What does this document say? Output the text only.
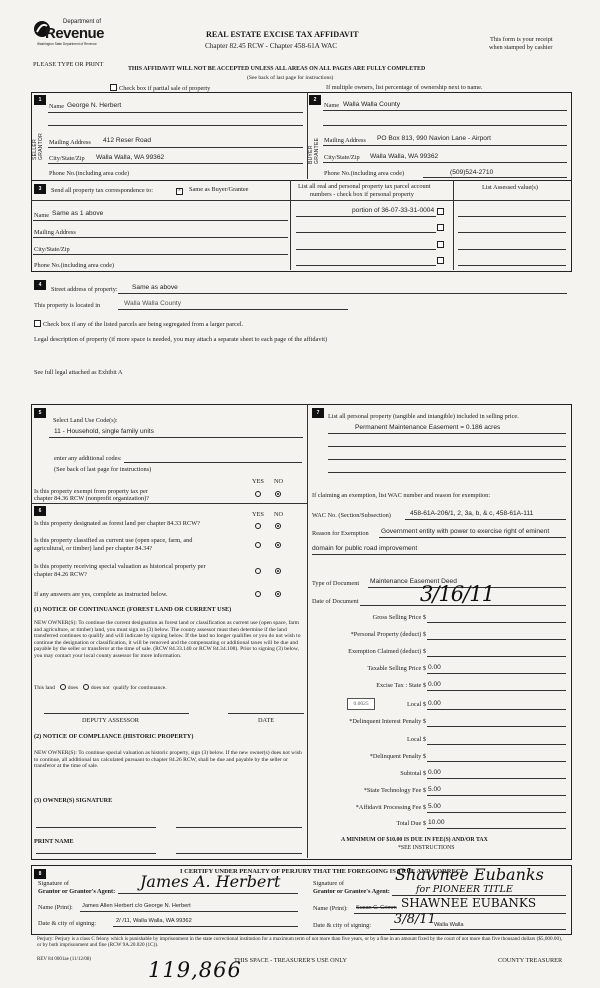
Department of
Revenue
Washington State Department of Revenue
REAL ESTATE EXCISE TAX AFFIDAVIT
Chapter 82.45 RCW - Chapter 458-61A WAC
This form is your receipt
when stamped by cashier
PLEASE TYPE OR PRINT
THIS AFFIDAVIT WILL NOT BE ACCEPTED UNLESS ALL AREAS ON ALL PAGES ARE FULLY COMPLETED
(See back of last page for instructions)
Check box if partial sale of property	If multiple owners, list percentage of ownership next to name.
1	2
SELLER GRANTOR	BUYER GRANTEE
Name George N. Herbert
Mailing Address 412 Reser Road
City/State/Zip Walla Walla, WA 99362
Phone No.(including area code)
Name Walla Walla County
Mailing Address PO Box 813, 990 Navion Lane - Airport
City/State/Zip Walla Walla, WA 99362
Phone No.(including area code)	(509)524-2710
3	Send all property tax correspondence to:	× Same as Buyer/Grantee	List all real and personal property tax parcel account
numbers - check box if personal property
List Assessed value(s)
Name Same as 1 above
Mailing Address
City/State/Zip
Phone No.(including area code)
portion of 36-07-33-31-0004
4
Street address of property: Same as above
This property is located in	Walla Walla County
Check box if any of the listed parcels are being segregated from a larger parcel.
Legal description of property (if more space is needed, you may attach a separate sheet to each page of the affidavit)
See full legal attached as Exhibit A
5
Select Land Use Code(s):
11 - Household, single family units
enter any additional codes:
(See back of last page for instructions)
YES NO
Is this property exempt from property tax per
chapter 84.36 RCW (nonprofit organization)?
6	YES NO
Is this property designated as forest land per chapter 84.33 RCW?
Is this property classified as current use (open space, farm, and
agricultural, or timber) land per chapter 84.34?
Is this property receiving special valuation as historical property per
chapter 84.26 RCW?
If any answers are yes, complete as instructed below.
(1) NOTICE OF CONTINUANCE (FOREST LAND OR CURRENT USE)
NEW OWNER(S): To continue the current designation as forest land or classification as current use (open space, farm and agriculture, or timber) land, you must sign on (3) below. The county assessor must then determine if the land transferred continues to qualify and will indicate by signing below. If the land no longer qualifies or you do not wish to continue the designation or classification, it will be removed and the compensating or additional taxes will be due and payable by the seller or transferor at the time of sale. (RCW 84.33.140 or RCW 84.34.108). Prior to signing (3) below, you may contact your local county assessor for more information.
This land does does not qualify for continuance.
DEPUTY ASSESSOR	DATE
(2) NOTICE OF COMPLIANCE (HISTORIC PROPERTY)
NEW OWNER(S): To continue special valuation as historic property, sign (3) below. If the new owner(s) does not wish to continue, all additional tax calculated pursuant to chapter 84.26 RCW, shall be due and payable by the seller or transferor at the time of sale.
(3) OWNER(S) SIGNATURE
PRINT NAME
7	List all personal property (tangible and intangible) included in selling price.
Permanent Maintenance Easement = 0.186 acres
If claiming an exemption, list WAC number and reason for exemption:
WAC No. (Section/Subsection)	458-61A-206/1, 2, 3a, b, & c, 458-61A-111
Reason for Exemption Government entity with power to exercise right of eminent
domain for public road improvement
Type of Document Maintenance Easement Deed
Date of Document	3/16/11
Gross Selling Price $
*Personal Property (deduct) $
Exemption Claimed (deduct) $
Taxable Selling Price $ 0.00
Excise Tax : State $ 0.00
Local $ 0.00
*Delinquent Interest Penalty $
Local $
*Delinquent Penalty $
Subtotal $ 0.00
*State Technology Fee $ 5.00
*Affidavit Processing Fee $ 5.00
Total Due $ 10.00
0.0025
A MINIMUM OF $10.00 IS DUE IN FEE(S) AND/OR TAX
*SEE INSTRUCTIONS
8	I CERTIFY UNDER PENALTY OF PERJURY THAT THE FOREGOING IS TRUE AND CORRECT.
Signature of
Grantor or Grantor's Agent:
James A. Herbert
Name (Print): James Allen Herbert c/o George N. Herbert
Date & city of signing:	2/ /11, Walla Walla, WA 99362
Signature of
Grantor or Grantee's Agent:
Shawnee Eubanks
for PIONEER TITLE
Name (Print): Susan C. Grimm SHAWNEE EUBANKS
Date & city of signing: 3/8/11
Walla Walla
Perjury: Perjury is a class C felony which is punishable by imprisonment in the state correctional institution for a maximum term of not more than five years, or by a fine in an amount fixed by the court of not more than five thousand dollars ($5,000.00), or by both imprisonment and fine (RCW 9A.20.020 (1C)).
REV 84 0001ae (11/12/08)	THIS SPACE - TREASURER'S USE ONLY	COUNTY TREASURER
119,866
